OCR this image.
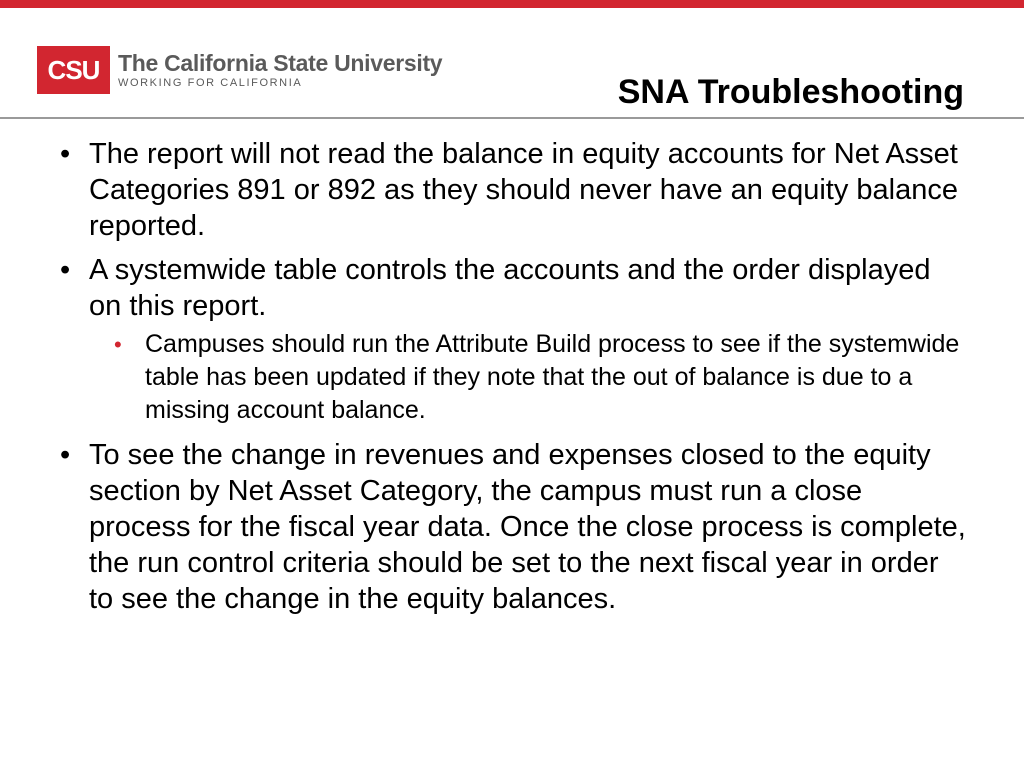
CSU The California State University
WORKING FOR CALIFORNIA	SNA Troubleshooting
• The report will not read the balance in equity accounts for Net Asset Categories 891 or 892 as they should never have an equity balance reported.
• A systemwide table controls the accounts and the order displayed on this report.
• Campuses should run the Attribute Build process to see if the systemwide table has been updated if they note that the out of balance is due to a missing account balance.
• To see the change in revenues and expenses closed to the equity section by Net Asset Category, the campus must run a close process for the fiscal year data. Once the close process is complete, the run control criteria should be set to the next fiscal year in order to see the change in the equity balances.
